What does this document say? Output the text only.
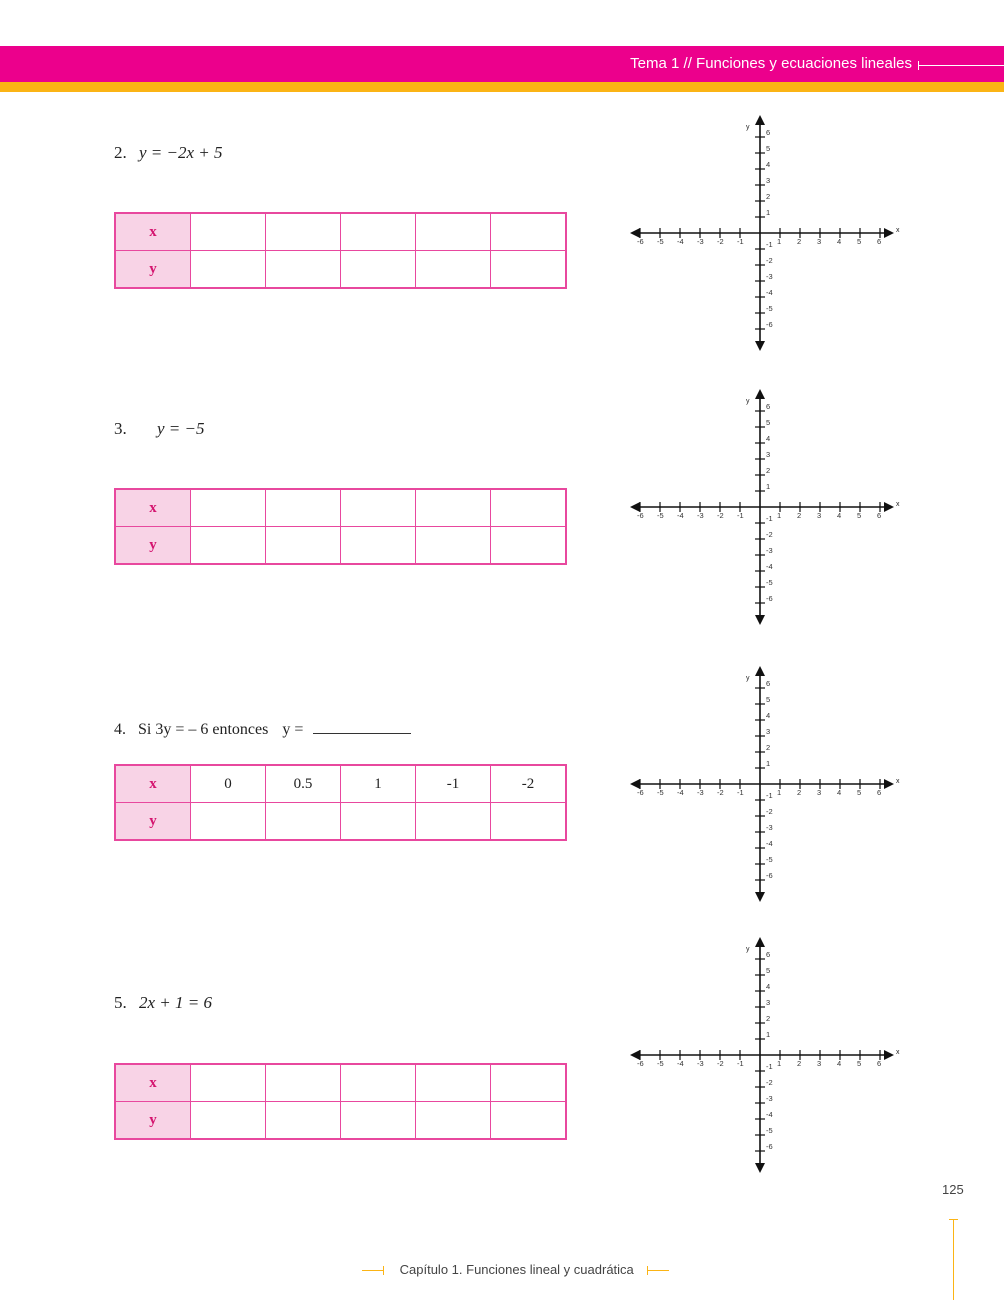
Tema 1 // Funciones y ecuaciones lineales
2. y = −2x + 5
x					
y					
x
y
-6 -5 -4 -3 -2 -1	1 2 3 4 5 6
6
5
4
3
2
1
-1
-2
-3
-4
-5
-6
3. y = −5
x					
y					
x
y
-6 -5 -4 -3 -2 -1	1 2 3 4 5 6
6
5
4
3
2
1
-1
-2
-3
-4
-5
-6
4. Si 3y = – 6 entonces y =
x	0	0.5	1	-1	-2
y					
x
y
-6 -5 -4 -3 -2 -1	1 2 3 4 5 6
6
5
4
3
2
1
-1
-2
-3
-4
-5
-6
5. 2x + 1 = 6
x					
y					
x
y
-6 -5 -4 -3 -2 -1	1 2 3 4 5 6
6
5
4
3
2
1
-1
-2
-3
-4
-5
-6
125
Capítulo 1. Funciones lineal y cuadrática
